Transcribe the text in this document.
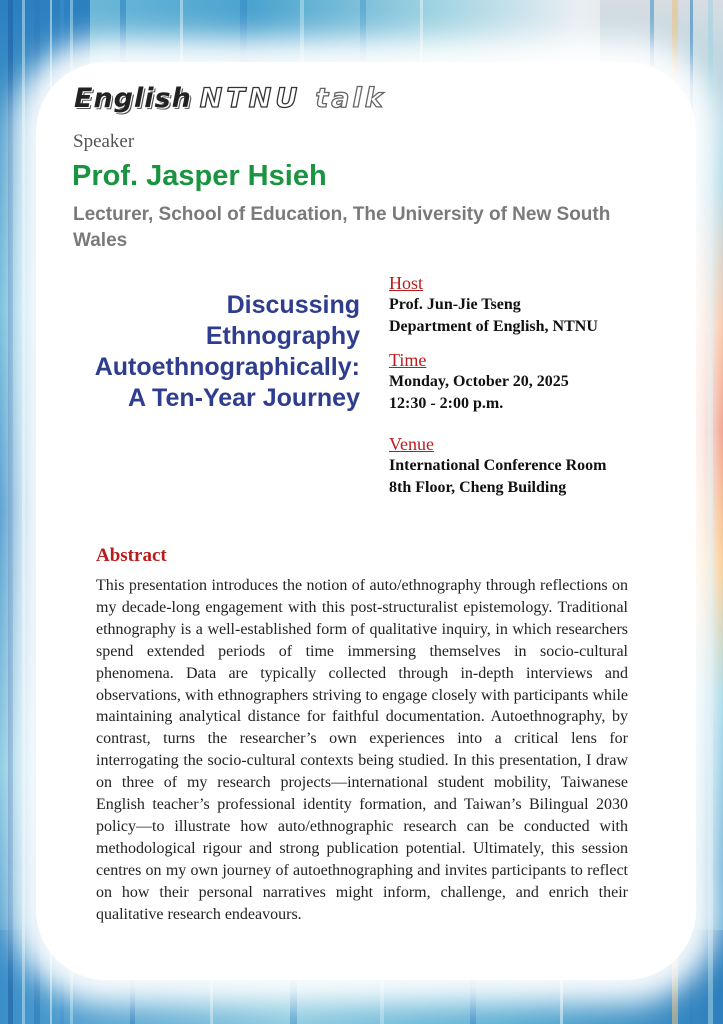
English NTNU talk
Speaker
Prof. Jasper Hsieh
Lecturer, School of Education, The University of New South Wales
Discussing
Ethnography
Autoethnographically:
A Ten-Year Journey
Host
Prof. Jun-Jie Tseng
Department of English, NTNU
Time
Monday, October 20, 2025
12:30 - 2:00 p.m.
Venue
International Conference Room
8th Floor, Cheng Building
Abstract

This presentation introduces the notion of auto/ethnography through reflections on my decade-long engagement with this post-structuralist epistemology. Traditional ethnography is a well-established form of qualitative inquiry, in which researchers spend extended periods of time immersing themselves in socio-cultural phenomena. Data are typically collected through in-depth interviews and observations, with ethnographers striving to engage closely with participants while maintaining analytical distance for faithful documentation. Autoethnography, by contrast, turns the researcher’s own experiences into a critical lens for interrogating the socio-cultural contexts being studied. In this presentation, I draw on three of my research projects—international student mobility, Taiwanese English teacher’s professional identity formation, and Taiwan’s Bilingual 2030 policy—to illustrate how auto/ethnographic research can be conducted with methodological rigour and strong publication potential. Ultimately, this session centres on my own journey of autoethnographing and invites participants to reflect on how their personal narratives might inform, challenge, and enrich their qualitative research endeavours.
